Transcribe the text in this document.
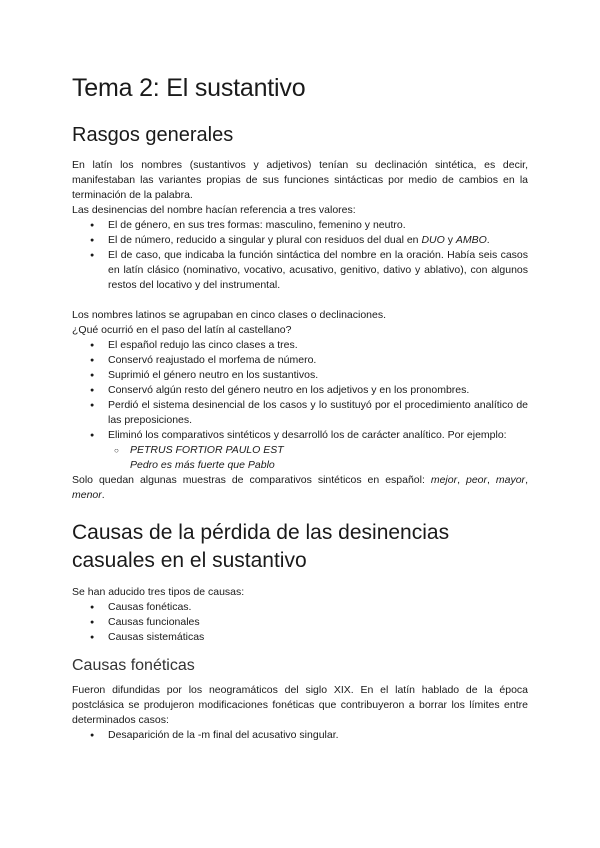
Tema 2: El sustantivo
Rasgos generales

En latín los nombres (sustantivos y adjetivos) tenían su declinación sintética, es decir, manifestaban las variantes propias de sus funciones sintácticas por medio de cambios en la terminación de la palabra.

Las desinencias del nombre hacían referencia a tres valores:

● El de género, en sus tres formas: masculino, femenino y neutro.
● El de número, reducido a singular y plural con residuos del dual en DUO y AMBO.
● El de caso, que indicaba la función sintáctica del nombre en la oración. Había seis casos en latín clásico (nominativo, vocativo, acusativo, genitivo, dativo y ablativo), con algunos restos del locativo y del instrumental.

Los nombres latinos se agrupaban en cinco clases o declinaciones.

¿Qué ocurrió en el paso del latín al castellano?

● El español redujo las cinco clases a tres.
● Conservó reajustado el morfema de número.
● Suprimió el género neutro en los sustantivos.
● Conservó algún resto del género neutro en los adjetivos y en los pronombres.
● Perdió el sistema desinencial de los casos y lo sustituyó por el procedimiento analítico de las preposiciones.
● Eliminó los comparativos sintéticos y desarrolló los de carácter analítico. Por ejemplo:
○ PETRUS FORTIOR PAULO EST
Pedro es más fuerte que Pablo

Solo quedan algunas muestras de comparativos sintéticos en español: mejor, peor, mayor, menor.

Causas de la pérdida de las desinencias casuales en el sustantivo

Se han aducido tres tipos de causas:

● Causas fonéticas.
● Causas funcionales
● Causas sistemáticas
Causas fonéticas

Fueron difundidas por los neogramáticos del siglo XIX. En el latín hablado de la época postclásica se produjeron modificaciones fonéticas que contribuyeron a borrar los límites entre determinados casos:

● Desaparición de la -m final del acusativo singular.
